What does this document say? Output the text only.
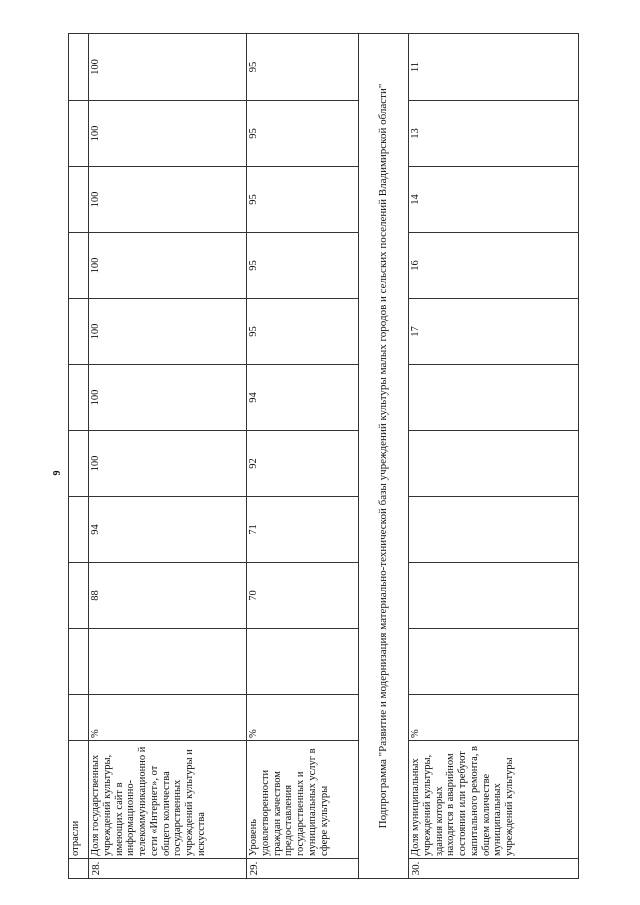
9
	отрасли											
28.	Доля государственных учреждений культуры, имеющих сайт в информационно-телекоммуникационно й сети «Интернет», от общего количества государственных учреждений культуры и искусства	%		88	94	100	100	100	100	100	100	100
29.	Уровень удовлетворенности граждан качеством предоставления государственных и муниципальных услуг в сфере культуры	%		70	71	92	94	95	95	95	95	95
Подпрограмма "Развитие и модернизация материально-технической базы учреждений культуры малых городов и сельских поселений Владимирской области"												
30.	Доля муниципальных учреждений культуры, здания которых находятся в аварийном состоянии или требуют капитального ремонта, в общем количестве муниципальных учреждений культуры	%						17	16	14	13	11
